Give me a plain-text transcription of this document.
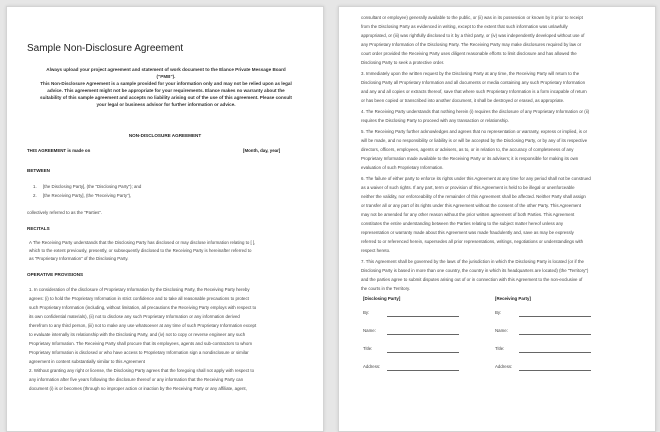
Sample Non-Disclosure Agreement
Always upload your project agreement and statement of work document to the Elance Private Message Board
("PMB").
This Non-Disclosure Agreement is a sample provided for your information only and may not be relied upon as legal
advice. This agreement might not be appropriate for your requirements. Elance makes no warranty about the
suitability of this sample agreement and accepts no liability arising out of the use of this agreement. Please consult
your legal or business advisor for further information or advice.
NON-DISCLOSURE AGREEMENT
THIS AGREEMENT is made on	[Month, day, year]
BETWEEN
1. [the Disclosing Party], (the "Disclosing Party"); and
2. [the Receiving Party], (the "Receiving Party"),
collectively referred to as the "Parties".
RECITALS
A The Receiving Party understands that the Disclosing Party has disclosed or may disclose information relating to [ ],
which to the extent previously, presently, or subsequently disclosed to the Receiving Party is hereinafter referred to
as "Proprietary Information" of the Disclosing Party.
OPERATIVE PROVISIONS
1. In consideration of the disclosure of Proprietary Information by the Disclosing Party, the Receiving Party hereby
agrees: (i) to hold the Proprietary Information in strict confidence and to take all reasonable precautions to protect
such Proprietary Information (including, without limitation, all precautions the Receiving Party employs with respect to
its own confidential materials), (ii) not to disclose any such Proprietary Information or any information derived
therefrom to any third person, (iii) not to make any use whatsoever at any time of such Proprietary Information except
to evaluate internally its relationship with the Disclosing Party, and (iv) not to copy or reverse engineer any such
Proprietary Information. The Receiving Party shall procure that its employees, agents and sub-contractors to whom
Proprietary Information is disclosed or who have access to Proprietary Information sign a nondisclosure or similar
agreement in content substantially similar to this Agreement
2. Without granting any right or license, the Disclosing Party agrees that the foregoing shall not apply with respect to
any information after five years following the disclosure thereof or any information that the Receiving Party can
document (i) is or becomes (through no improper action or inaction by the Receiving Party or any affiliate, agent,
consultant or employee) generally available to the public, or (ii) was in its possession or known by it prior to receipt
from the Disclosing Party as evidenced in writing, except to the extent that such information was unlawfully
appropriated, or (iii) was rightfully disclosed to it by a third party, or (iv) was independently developed without use of
any Proprietary Information of the Disclosing Party. The Receiving Party may make disclosures required by law or
court order provided the Receiving Party uses diligent reasonable efforts to limit disclosure and has allowed the
Disclosing Party to seek a protective order.
3. Immediately upon the written request by the Disclosing Party at any time, the Receiving Party will return to the
Disclosing Party all Proprietary Information and all documents or media containing any such Proprietary Information
and any and all copies or extracts thereof, save that where such Proprietary Information is a form incapable of return
or has been copied or transcribed into another document, it shall be destroyed or erased, as appropriate.
4. The Receiving Party understands that nothing herein (i) requires the disclosure of any Proprietary Information or (ii)
requires the Disclosing Party to proceed with any transaction or relationship.
5. The Receiving Party further acknowledges and agrees that no representation or warranty, express or implied, is or
will be made, and no responsibility or liability is or will be accepted by the Disclosing Party, or by any of its respective
directors, officers, employees, agents or advisers, as to, or in relation to, the accuracy of completeness of any
Proprietary Information made available to the Receiving Party or its advisers; it is responsible for making its own
evaluation of such Proprietary Information.
6. The failure of either party to enforce its rights under this Agreement at any time for any period shall not be construed
as a waiver of such rights. If any part, term or provision of this Agreement is held to be illegal or unenforceable
neither the validity, nor enforceability of the remainder of this Agreement shall be affected. Neither Party shall assign
or transfer all or any part of its rights under this Agreement without the consent of the other Party. This Agreement
may not be amended for any other reason without the prior written agreement of both Parties. This Agreement
constitutes the entire understanding between the Parties relating to the subject matter hereof unless any
representation or warranty made about this Agreement was made fraudulently and, save as may be expressly
referred to or referenced herein, supersedes all prior representations, writings, negotiations or understandings with
respect hereto.
7. This Agreement shall be governed by the laws of the jurisdiction in which the Disclosing Party is located (or if the
Disclosing Party is based in more than one country, the country in which its headquarters are located) (the "Territory")
and the parties agree to submit disputes arising out of or in connection with this Agreement to the non-exclusive of
the courts in the Territory.
[Disclosing Party]
By:
Name:
Title:
Address:
[Receiving Party]
By:
Name:
Title:
Address:
